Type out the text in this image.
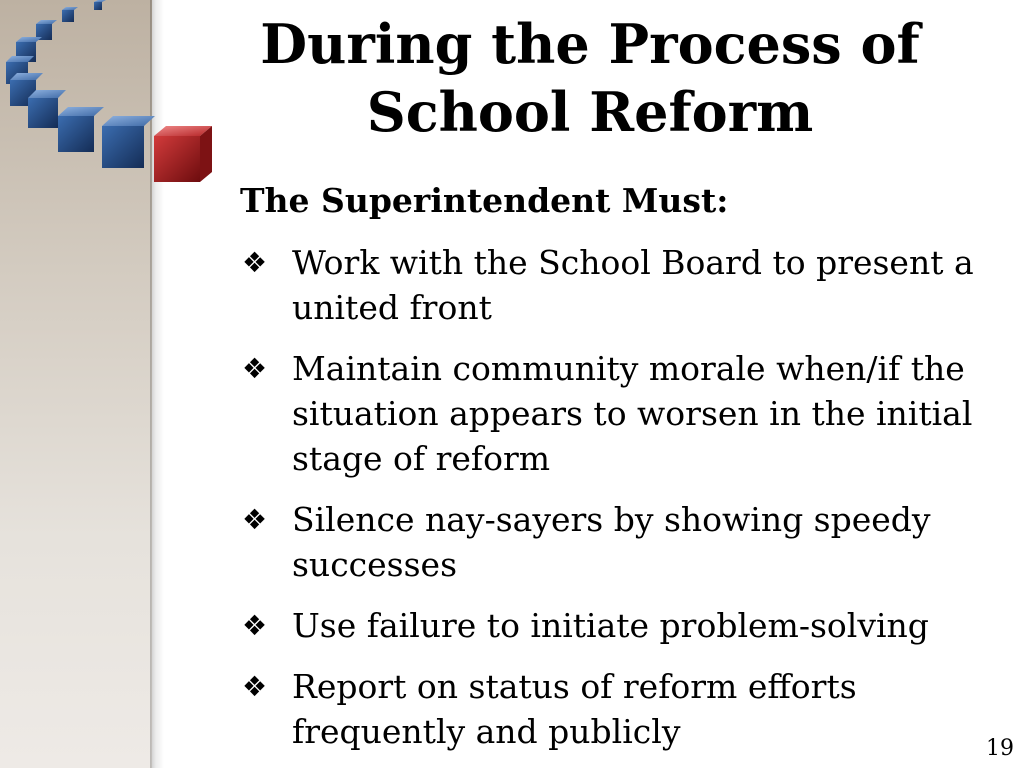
During the Process of
School Reform
The Superintendent Must:
❖ Work with the School Board to present a united front
❖ Maintain community morale when/if the situation appears to worsen in the initial stage of reform
❖ Silence nay-sayers by showing speedy successes
❖ Use failure to initiate problem-solving
❖ Report on status of reform efforts frequently and publicly	19
